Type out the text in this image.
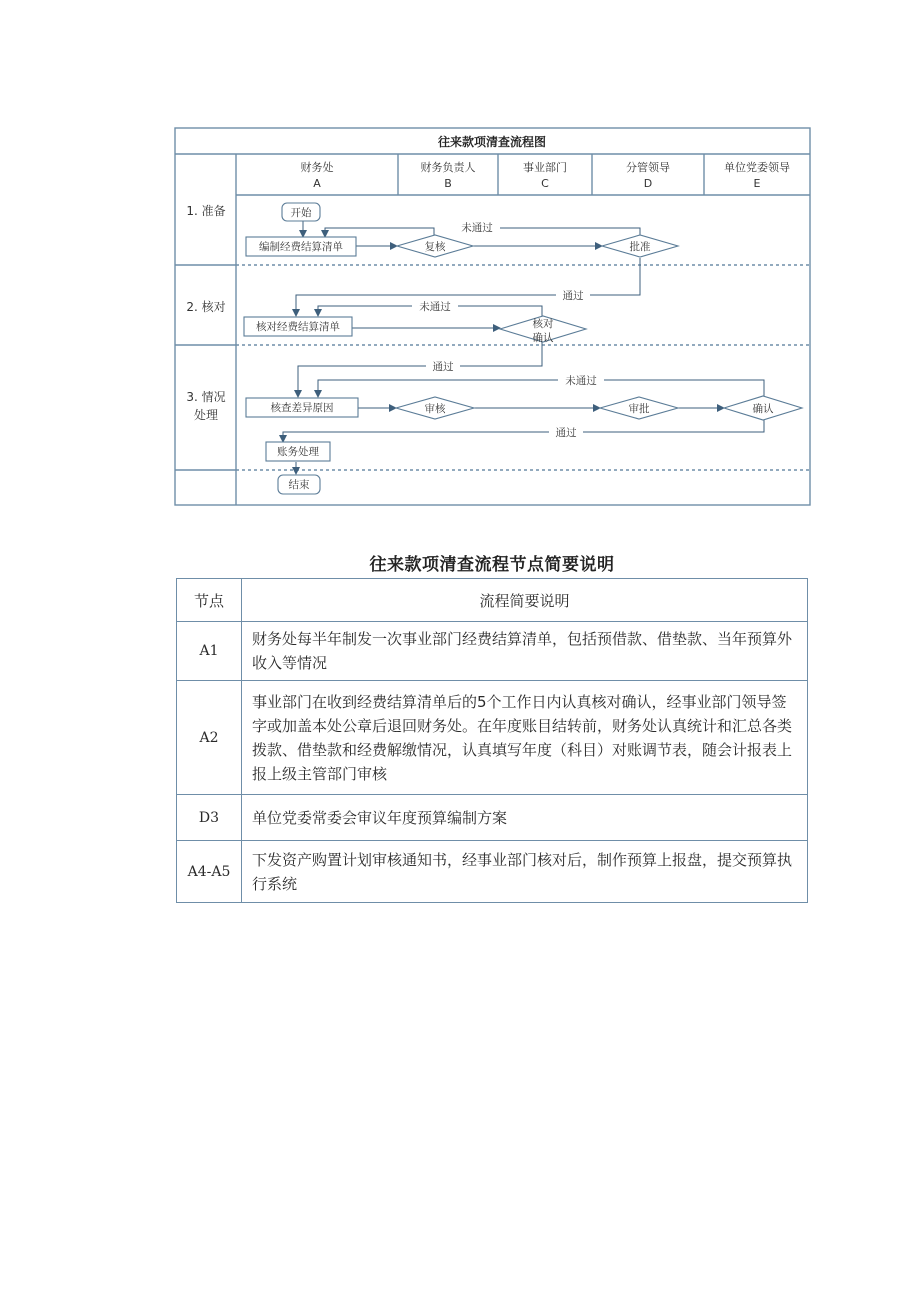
往来款项清查流程图
财务处
A
财务负责人
B
事业部门
C
分管领导
D
单位党委领导
E
1. 准备
2. 核对
3. 情况
处理
开始
编制经费结算清单	复核	批准
核对经费结算清单	核对
确认
核查差异原因	审核	审批	确认
账务处理
结束
未通过
通过
未通过
通过
未通过
通过
往来款项清查流程节点简要说明
节点	流程简要说明
A1	财务处每半年制发一次事业部门经费结算清单，包括预借款、借垫款、当年预算外收入等情况
A2	事业部门在收到经费结算清单后的5个工作日内认真核对确认，经事业部门领导签字或加盖本处公章后退回财务处。在年度账目结转前，财务处认真统计和汇总各类拨款、借垫款和经费解缴情况，认真填写年度（科目）对账调节表，随会计报表上报上级主管部门审核
D3	单位党委常委会审议年度预算编制方案
A4-A5	下发资产购置计划审核通知书，经事业部门核对后，制作预算上报盘，提交预算执行系统
